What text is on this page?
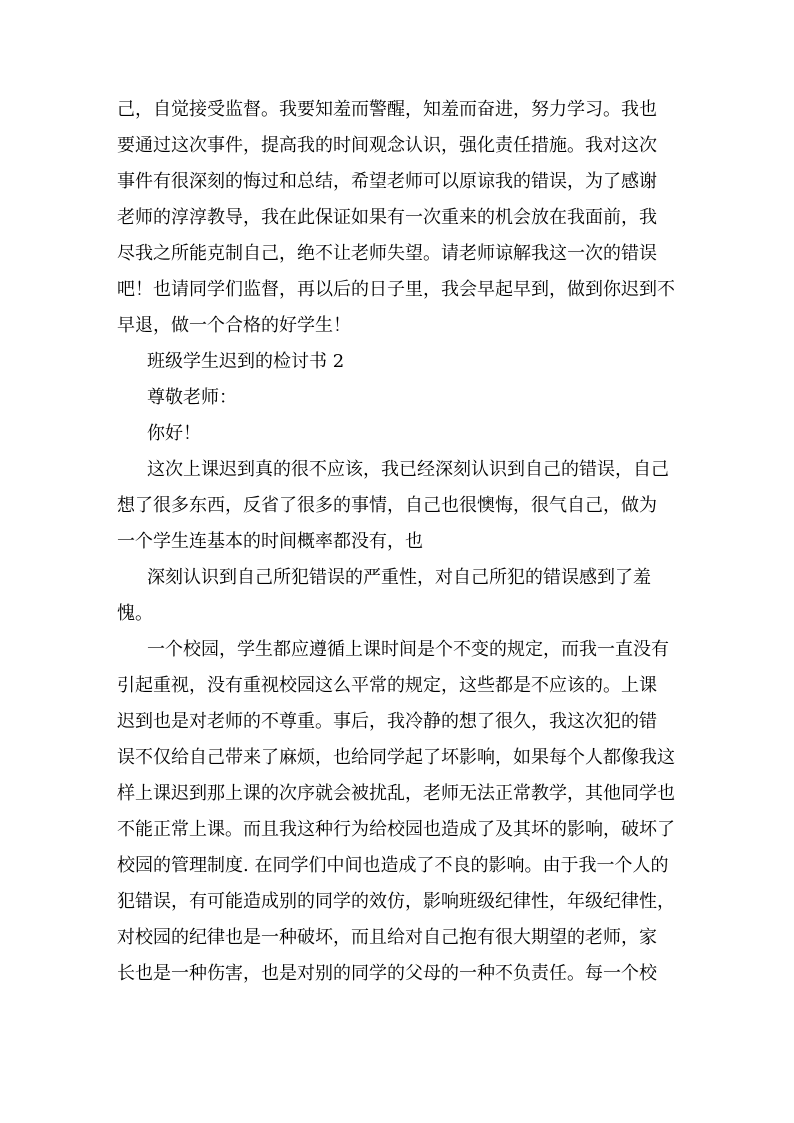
己，自觉接受监督。我要知羞而警醒，知羞而奋进，努力学习。我也
要通过这次事件，提高我的时间观念认识，强化责任措施。我对这次
事件有很深刻的悔过和总结，希望老师可以原谅我的错误，为了感谢
老师的淳淳教导，我在此保证如果有一次重来的机会放在我面前，我
尽我之所能克制自己，绝不让老师失望。请老师谅解我这一次的错误
吧！也请同学们监督，再以后的日子里，我会早起早到，做到你迟到不
早退，做一个合格的好学生！
班级学生迟到的检讨书 2
尊敬老师：
你好！
这次上课迟到真的很不应该，我已经深刻认识到自己的错误，自己
想了很多东西，反省了很多的事情，自己也很懊悔，很气自己，做为
一个学生连基本的时间概率都没有，也
深刻认识到自己所犯错误的严重性，对自己所犯的错误感到了羞
愧。
一个校园，学生都应遵循上课时间是个不变的规定，而我一直没有
引起重视，没有重视校园这么平常的规定，这些都是不应该的。上课
迟到也是对老师的不尊重。事后，我冷静的想了很久，我这次犯的错
误不仅给自己带来了麻烦，也给同学起了坏影响，如果每个人都像我这
样上课迟到那上课的次序就会被扰乱，老师无法正常教学，其他同学也
不能正常上课。而且我这种行为给校园也造成了及其坏的影响，破坏了
校园的管理制度. 在同学们中间也造成了不良的影响。由于我一个人的
犯错误，有可能造成别的同学的效仿，影响班级纪律性，年级纪律性，
对校园的纪律也是一种破坏，而且给对自己抱有很大期望的老师，家
长也是一种伤害，也是对别的同学的父母的一种不负责任。每一个校
